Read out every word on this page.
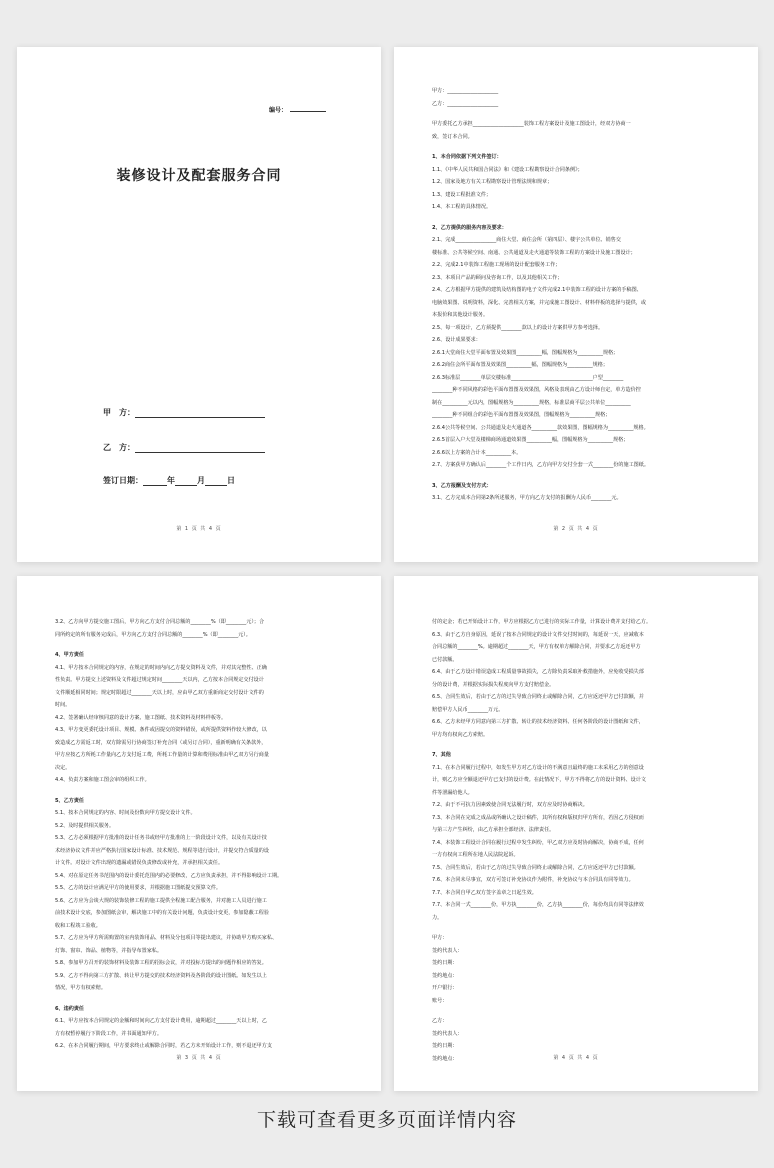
编号：
装修设计及配套服务合同
甲　方：
乙　方：
签订日期：	年	月	日
第 1 页 共 4 页
甲方：____________________
乙方：____________________
甲方委托乙方承担____________________装饰工程方案设计及施工图设计，经双方协商一
致，签订本合同。
1、本合同依据下列文件签订：
1.1、《中华人民共和国合同法》和《建设工程勘察设计合同条例》；
1.2、国家及地方有关工程勘察设计管理法规和规章；
1.3、建设工程批准文件；
1.4、本工程的具体情况。
2、乙方提供的服务内容及要求：
2.1、完成________________商住大堂、商住会所（第四层）、楼宇公共单位、销售交
楼标准、公共等候空间、南通、公共通道及走火通道等装饰工程的方案设计及施工图设计；
2.2、完成2.1中装饰工程施工现场的设计配套服务工作；
2.3、本项目产品的顾问及咨询工作，以及其他相关工作；
2.4、乙方根据甲方提供的建筑及结构图的电子文件完成2.1中装饰工程的设计方案的手稿图、
电脑效果图、说明资料，深化、完善相关方案，并完成施工图设计、材料样板的选择与提供，或
本报价和其他设计服务。
2.5、每一项设计，乙方须提供________款以上的设计方案供甲方参考选择。
2.6、设计成果要求：
2.6.1大堂商住大堂平面布置及效果图__________幅，图幅规格为__________规格；
2.6.2商住会所平面布置及效果图__________幅，图幅规格为__________规格；
2.6.3标准层________单层交楼标准________________________________户型________
________种不同风格的彩色平面布置图及效果图，风格及表现由乙方设计师自定，单方造价控
制在__________元以内，图幅规格为__________规格，标准层商平层公共单位__________
________种不同组合的彩色平面布置图及效果图，图幅规格为__________规格；
2.6.4公共等候空间、公共通道及走火通道各__________款效果图，图幅规格为__________规格。
2.6.5首层入户大堂及楼梯商场通道效果图__________幅，图幅规格为__________规格；
2.6.6以上方案的合计本__________本。
2.7、方案获甲方确认后________个工作日内，乙方向甲方交付全套一式________份的施工图纸。
3、乙方报酬及支付方式：
3.1、乙方完成本合同第2条所述服务，甲方向乙方支付的报酬为人民币________元。
第 2 页 共 4 页
3.2、乙方向甲方提交施工图后，甲方向乙方支付合同总额的________%（即________元）；合
同所约定的所有服务完成后，甲方向乙方支付合同总额的________%（即________元）。
4、甲方责任
4.1、甲方按本合同规定的内容，在规定的时间内向乙方提交资料及文件，并对其完整性、正确
性负责。甲方提交上述资料及文件超过规定时间________天以内，乙方按本合同规定交付设计
文件顺延相同时间；规定时限超过________天以上时，应由甲乙双方重新商定交付设计文件的
时间。
4.2、签署确认经审核同意的设计方案、施工图纸、技术资料及材料样板等。
4.3、甲方变更委托设计项目、规模、条件或因提交的资料错误，或所提供资料作较大修改，以
致造成乙方需返工时，双方除需另行协商签订补充合同（或另订合同），重新明确有关条款外，
甲方应按乙方所耗工作量向乙方支付返工费，所耗工作量的计算和费用标准由甲乙双方另行商量
决定。
4.4、负责方案和施工图会审的组织工作。
5、乙方责任
5.1、按本合同规定的内容、时间及份数向甲方提交设计文件。
5.2、及时提供相关服务。
5.3、乙方必须根据甲方批准的设计任务书或经甲方批准的上一阶段设计文件，以及有关设计技
术经济协议文件并应严格执行国家设计标准、技术规范、规程等进行设计，并提交符合质量的设
计文件。对设计文件出现的遗漏或错误负责修改或补充，并承担相关责任。
5.4、对在原定任务书范围内的设计委托范围内的必要修改，乙方应负责承担，并不得影响设计工期。
5.5、乙方的设计应满足甲方的使用要求，并根据施工图纸提交预算文件。
5.6、乙方应为会谈大规的装饰装修工程的施工提供全程施工配合服务，并对施工人员进行施工
前技术设计交底，参加图纸会审，解决施工中的有关设计问题，负责设计变更，参加隐蔽工程验
收和工程竣工验收。
5.7、乙方应为甲方所需购置的室内装饰用品、材料及分包项目等提出建议，并协助甲方购买家私、
灯饰、窗帘、饰品、植物等，并指导布置家私。
5.8、参加甲方召开的装饰材料及装饰工程的招标会议，并对投标方提出的问题作相应的答复。
5.9、乙方不得向第三方扩散、转让甲方提交的技术经济资料及各阶段的设计图纸。如发生以上
情况，甲方有权索赔。
6、违约责任
6.1、甲方应按本合同规定的金额和时间向乙方支付设计费用，逾期超过________天以上时，乙
方有权暂停履行下阶段工作，并书面通知甲方。
6.2、在本合同履行期间，甲方要求终止或解除合同时，若乙方未开始设计工作，则不退还甲方支
第 3 页 共 4 页
付的定金；若已开始设计工作，甲方应根据乙方已进行的实际工作量，计算设计费并支付给乙方。
6.3、由于乙方自身原因，延误了按本合同规定的设计文件交付时间的，每延误一天，应减收本
合同总额的________%。逾期超过________天，甲方有权单方解除合同，并要求乙方返还甲方
已付款额。
6.4、由于乙方设计错误造成工程质量事故损失，乙方除负责采取补救措施外，应免收受损失部
分的设计费，并根据实际损失程度向甲方支付赔偿金。
6.5、合同生效后，若由于乙方的过失导致合同终止或解除合同，乙方应返还甲方已付款额，并
赔偿甲方人民币________万元。
6.6、乙方未经甲方同意向第三方扩散、转让的技术经济资料、任何各阶段的设计图纸和文件，
甲方均有权向乙方索赔。
7、其他
7.1、在本合同履行过程中，如发生甲方对乙方设计的不满意且最终的施工未采用乙方的创意设
计，则乙方应全额退还甲方已支付的设计费。在此情况下，甲方不得将乙方的设计资料、设计文
件等泄漏给他人。
7.2、由于不可抗力因素致使合同无法履行时，双方应及时协商解决。
7.3、本合同在完成之成品或所确认之设计稿件，其所有权和版权归甲方所有，若因乙方侵权而
与第三方产生纠纷，由乙方承担全部经济、法律责任。
7.4、本装饰工程设计合同在履行过程中发生纠纷，甲乙双方应及时协商解决，协商不成，任何
一方有权向工程所在地人民法院起诉。
7.5、合同生效后，若由于乙方的过失导致合同终止或解除合同，乙方应返还甲方已付款额。
7.6、本合同未尽事宜，双方可签订补充协议作为附件，补充协议与本合同具有同等效力。
7.7、本合同自甲乙双方签字盖章之日起生效。
7.7、本合同一式________份，甲方执________份，乙方执________份，每份均具有同等法律效
力。
甲方：
签约代表人：
签约日期：
签约地点：
开户银行：
账号：
乙方：
签约代表人：
签约日期：
签约地点：	第 4 页 共 4 页
下载可查看更多页面详情内容
